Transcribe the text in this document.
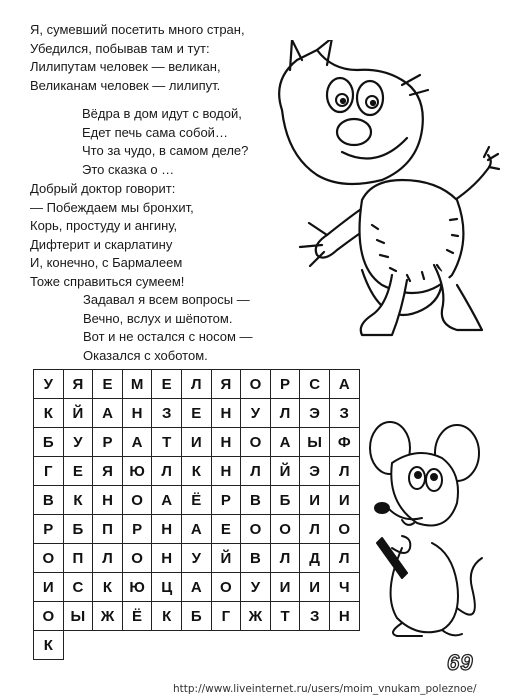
Я, сумевший посетить много стран,
Убедился, побывав там и тут:
Лилипутам человек — великан,
Великанам человек — лилипут.
Вёдра в дом идут с водой,
Едет печь сама собой…
Что за чудо, в самом деле?
Это сказка о …
Добрый доктор говорит:
— Побеждаем мы бронхит,
Корь, простуду и ангину,
Дифтерит и скарлатину
И, конечно, с Бармалеем
Тоже справиться сумеем!
Задавал я всем вопросы —
Вечно, вслух и шёпотом.
Вот и не остался с носом —
Оказался с хоботом.
У	Я	Е	М	Е	Л	Я	О	Р	С	А
К	Й	А	Н	З	Е	Н	У	Л	Э	З
Б	У	Р	А	Т	И	Н	О	А	Ы	Ф
Г	Е	Я	Ю	Л	К	Н	Л	Й	Э	Л
В	К	Н	О	А	Ё	Р	В	Б	И	И
Р	Б	П	Р	Н	А	Е	О	О	Л	О
О	П	Л	О	Н	У	Й	В	Л	Д	Л
И	С	К	Ю	Ц	А	О	У	И	И	Ч
О	Ы	Ж	Ё	К	Б	Г	Ж	Т	З	Н
К
69
http://www.liveinternet.ru/users/moim_vnukam_poleznoe/
